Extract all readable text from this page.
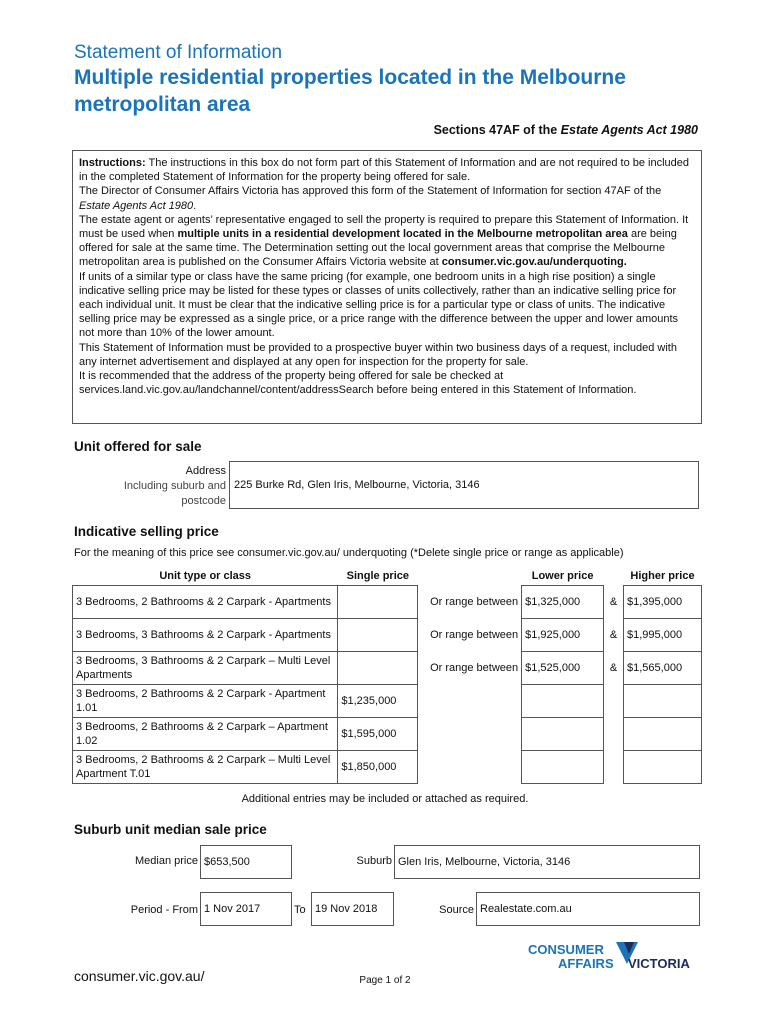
Statement of Information
Multiple residential properties located in the Melbourne metropolitan area
Sections 47AF of the Estate Agents Act 1980

Instructions: The instructions in this box do not form part of this Statement of Information and are not required to be included in the completed Statement of Information for the property being offered for sale.

The Director of Consumer Affairs Victoria has approved this form of the Statement of Information for section 47AF of the Estate Agents Act 1980.

The estate agent or agents’ representative engaged to sell the property is required to prepare this Statement of Information. It must be used when multiple units in a residential development located in the Melbourne metropolitan area are being offered for sale at the same time. The Determination setting out the local government areas that comprise the Melbourne metropolitan area is published on the Consumer Affairs Victoria website at consumer.vic.gov.au/underquoting.

If units of a similar type or class have the same pricing (for example, one bedroom units in a high rise position) a single indicative selling price may be listed for these types or classes of units collectively, rather than an indicative selling price for each individual unit. It must be clear that the indicative selling price is for a particular type or class of units. The indicative selling price may be expressed as a single price, or a price range with the difference between the upper and lower amounts not more than 10% of the lower amount.

This Statement of Information must be provided to a prospective buyer within two business days of a request, included with any internet advertisement and displayed at any open for inspection for the property for sale.

It is recommended that the address of the property being offered for sale be checked at services.land.vic.gov.au/landchannel/content/addressSearch before being entered in this Statement of Information.

Unit offered for sale
Address
Including suburb and
postcode
225 Burke Rd, Glen Iris, Melbourne, Victoria, 3146
Indicative selling price
For the meaning of this price see consumer.vic.gov.au/ underquoting (*Delete single price or range as applicable)
Unit type or class	Single price		Lower price		Higher price
3 Bedrooms, 2 Bathrooms & 2 Carpark - Apartments		Or range between	$1,325,000	&	$1,395,000
3 Bedrooms, 3 Bathrooms & 2 Carpark - Apartments		Or range between	$1,925,000	&	$1,995,000
3 Bedrooms, 3 Bathrooms & 2 Carpark – Multi Level Apartments		Or range between	$1,525,000	&	$1,565,000
3 Bedrooms, 2 Bathrooms & 2 Carpark - Apartment 1.01	$1,235,000				
3 Bedrooms, 2 Bathrooms & 2 Carpark – Apartment 1.02	$1,595,000				
3 Bedrooms, 2 Bathrooms & 2 Carpark – Multi Level Apartment T.01	$1,850,000				
Additional entries may be included or attached as required.
Suburb unit median sale price
Median price $653,500	Suburb Glen Iris, Melbourne, Victoria, 3146
Period - From 1 Nov 2017	To 19 Nov 2018	Source Realestate.com.au
consumer.vic.gov.au/	Page 1 of 2
CONSUMER
AFFAIRS VICTORIA
